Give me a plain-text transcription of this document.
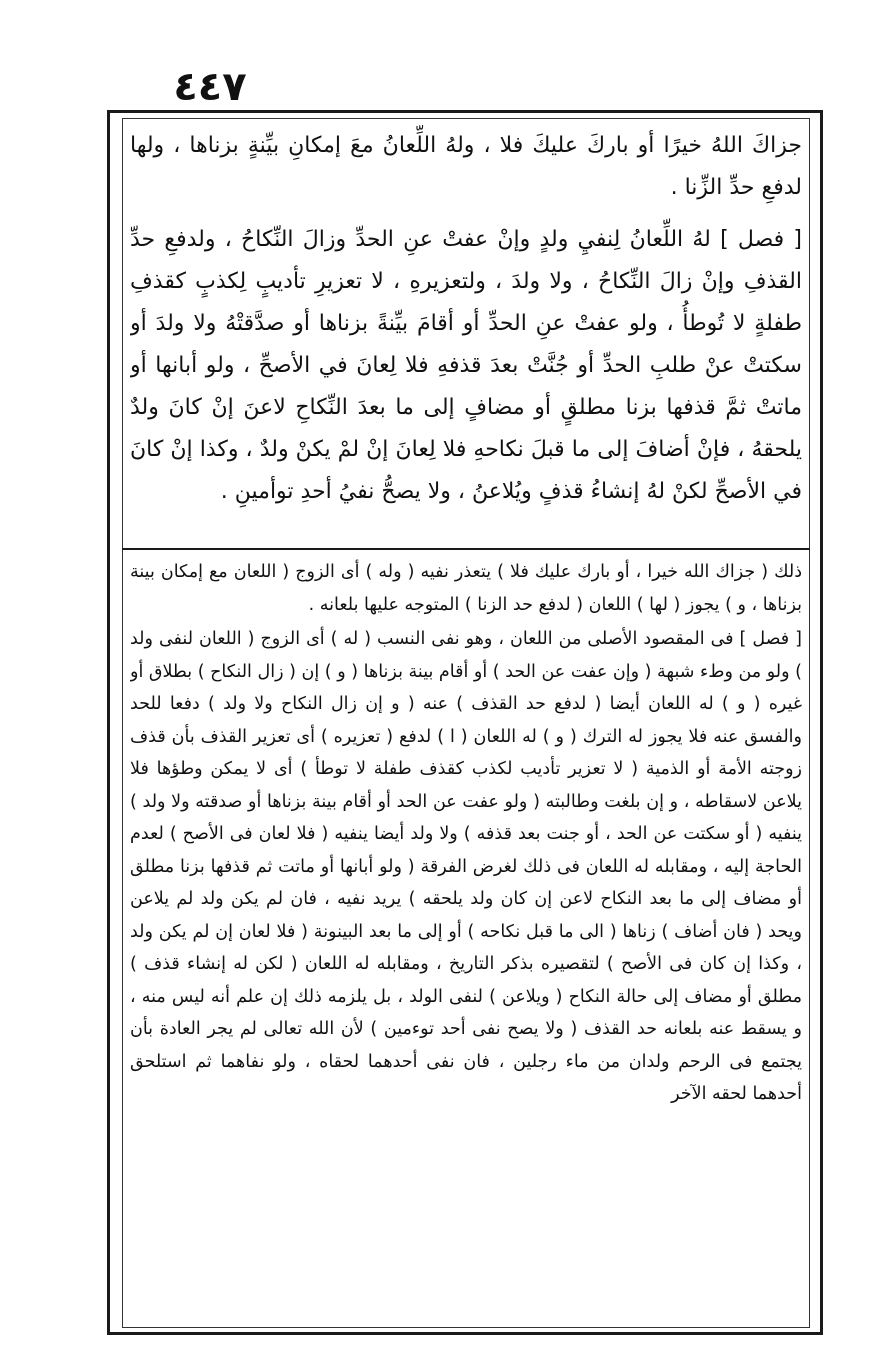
٤٤٧

جزاكَ اللهُ خيرًا أو باركَ عليكَ فلا ، ولهُ اللِّعانُ معَ إمكانِ بيِّنةٍ بزناها ، ولها لدفعِ حدِّ الزِّنا .

[ فصل ] لهُ اللِّعانُ لِنفيِ ولدٍ وإنْ عفتْ عنِ الحدِّ وزالَ النِّكاحُ ، ولدفعِ حدِّ القذفِ وإنْ زالَ النِّكاحُ ، ولا ولدَ ، ولتعزيرهِ ، لا تعزيرِ تأديبٍ لِكذبٍ كقذفِ طفلةٍ لا تُوطأُ ، ولو عفتْ عنِ الحدِّ أو أقامَ بيِّنةً بزناها أو صدَّقتْهُ ولا ولدَ أو سكتتْ عنْ طلبِ الحدِّ أو جُنَّتْ بعدَ قذفهِ فلا لِعانَ في الأصحِّ ، ولو أبانها أو ماتتْ ثمَّ قذفها بزنا مطلقٍ أو مضافٍ إلى ما بعدَ النِّكاحِ لاعنَ إنْ كانَ ولدٌ يلحقهُ ، فإنْ أضافَ إلى ما قبلَ نكاحهِ فلا لِعانَ إنْ لمْ يكنْ ولدٌ ، وكذا إنْ كانَ في الأصحِّ لكنْ لهُ إنشاءُ قذفٍ ويُلاعنُ ، ولا يصحُّ نفيُ أحدِ توأمينِ .

ذلك ( جزاك الله خيرا ، أو بارك عليك فلا ) يتعذر نفيه ( وله ) أى الزوج ( اللعان مع إمكان بينة بزناها ، و ) يجوز ( لها ) اللعان ( لدفع حد الزنا ) المتوجه عليها بلعانه .

[ فصل ] فى المقصود الأصلى من اللعان ، وهو نفى النسب ( له ) أى الزوج ( اللعان لنفى ولد ) ولو من وطء شبهة ( وإن عفت عن الحد ) أو أقام بينة بزناها ( و ) إن ( زال النكاح ) بطلاق أو غيره ( و ) له اللعان أيضا ( لدفع حد القذف ) عنه ( و إن زال النكاح ولا ولد ) دفعا للحد والفسق عنه فلا يجوز له الترك ( و ) له اللعان ( ا ) لدفع ( تعزيره ) أى تعزير القذف بأن قذف زوجته الأمة أو الذمية ( لا تعزير تأديب لكذب كقذف طفلة لا توطأ ) أى لا يمكن وطؤها فلا يلاعن لاسقاطه ، و إن بلغت وطالبته ( ولو عفت عن الحد أو أقام بينة بزناها أو صدقته ولا ولد ) ينفيه ( أو سكتت عن الحد ، أو جنت بعد قذفه ) ولا ولد أيضا ينفيه ( فلا لعان فى الأصح ) لعدم الحاجة إليه ، ومقابله له اللعان فى ذلك لغرض الفرقة ( ولو أبانها أو ماتت ثم قذفها بزنا مطلق أو مضاف إلى ما بعد النكاح لاعن إن كان ولد يلحقه ) يريد نفيه ، فان لم يكن ولد لم يلاعن ويحد ( فان أضاف ) زناها ( الى ما قبل نكاحه ) أو إلى ما بعد البينونة ( فلا لعان إن لم يكن ولد ، وكذا إن كان فى الأصح ) لتقصيره بذكر التاريخ ، ومقابله له اللعان ( لكن له إنشاء قذف ) مطلق أو مضاف إلى حالة النكاح ( ويلاعن ) لنفى الولد ، بل يلزمه ذلك إن علم أنه ليس منه ، و يسقط عنه بلعانه حد القذف ( ولا يصح نفى أحد توءمين ) لأن الله تعالى لم يجر العادة بأن يجتمع فى الرحم ولدان من ماء رجلين ، فان نفى أحدهما لحقاه ، ولو نفاهما ثم استلحق أحدهما لحقه الآخر
